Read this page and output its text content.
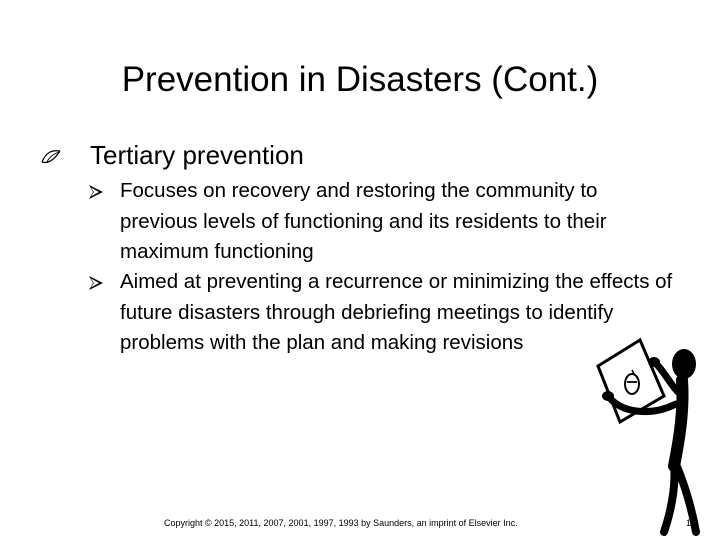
Prevention in Disasters (Cont.)
Tertiary prevention
Focuses on recovery and restoring the community to previous levels of functioning and its residents to their maximum functioning
Aimed at preventing a recurrence or minimizing the effects of future disasters through debriefing meetings to identify problems with the plan and making revisions
Copyright © 2015, 2011, 2007, 2001, 1997, 1993 by Saunders, an imprint of Elsevier Inc.	12
